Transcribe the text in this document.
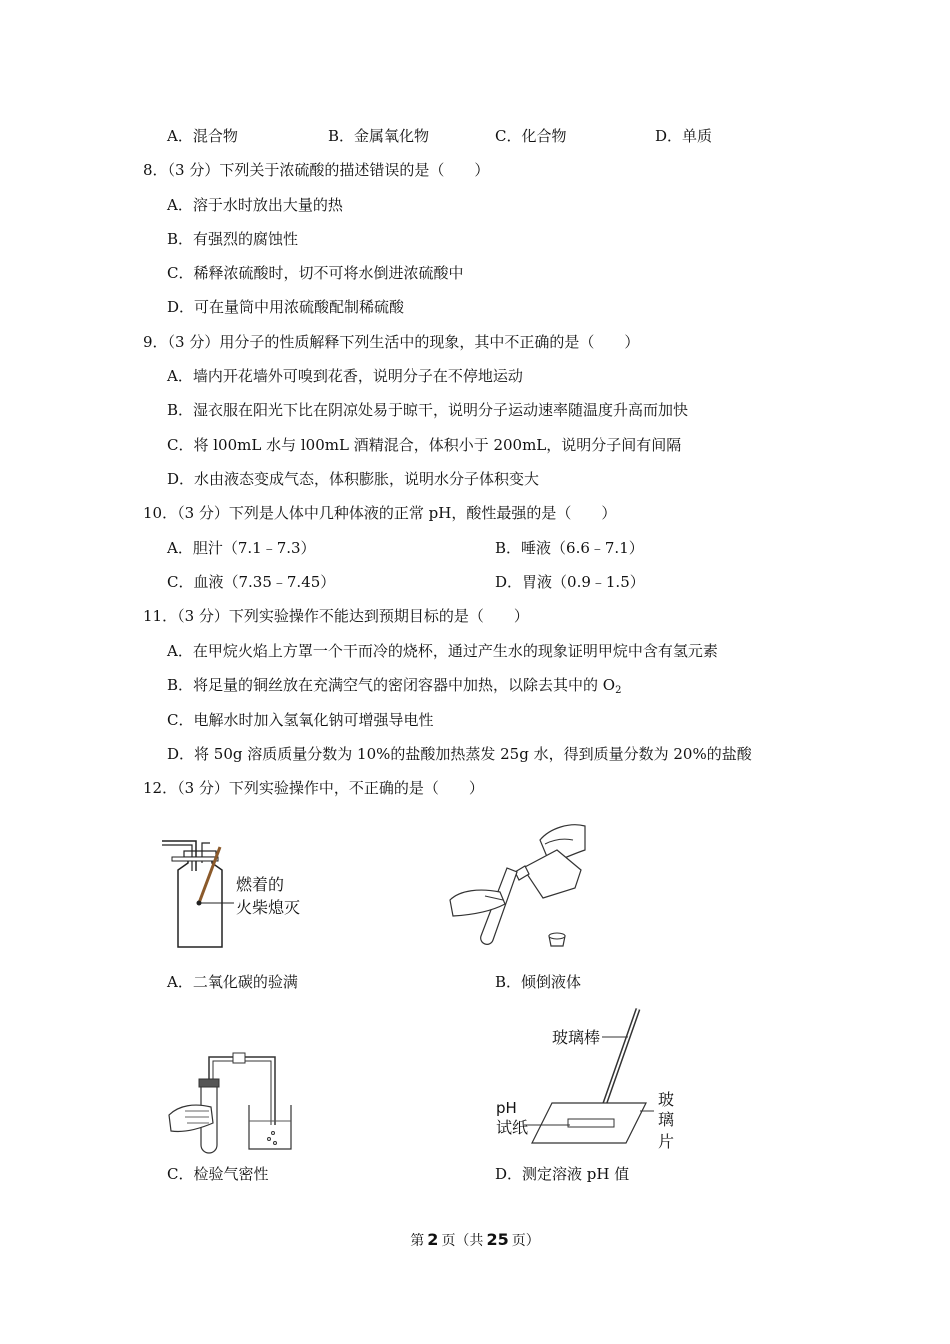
A．混合物	B．金属氧化物	C．化合物	D．单质
8．（3 分）下列关于浓硫酸的描述错误的是（　　）
A．溶于水时放出大量的热
B．有强烈的腐蚀性
C．稀释浓硫酸时，切不可将水倒进浓硫酸中
D．可在量筒中用浓硫酸配制稀硫酸
9．（3 分）用分子的性质解释下列生活中的现象，其中不正确的是（　　）
A．墙内开花墙外可嗅到花香，说明分子在不停地运动
B．湿衣服在阳光下比在阴凉处易于晾干，说明分子运动速率随温度升高而加快
C．将 l00mL 水与 l00mL 酒精混合，体积小于 200mL，说明分子间有间隔
D．水由液态变成气态，体积膨胀，说明水分子体积变大
10．（3 分）下列是人体中几种体液的正常 pH，酸性最强的是（　　）
A．胆汁（7.1﹣7.3）	B．唾液（6.6﹣7.1）
C．血液（7.35﹣7.45）	D．胃液（0.9﹣1.5）
11．（3 分）下列实验操作不能达到预期目标的是（　　）
A．在甲烷火焰上方罩一个干而冷的烧杯，通过产生水的现象证明甲烷中含有氢元素
B．将足量的铜丝放在充满空气的密闭容器中加热，以除去其中的 $O_2$
C．电解水时加入氢氧化钠可增强导电性
D．将 50g 溶质质量分数为 10%的盐酸加热蒸发 25g 水，得到质量分数为 20%的盐酸
12．（3 分）下列实验操作中，不正确的是（　　）
燃着的
火柴熄灭
A．二氧化碳的验满	B．倾倒液体
C．检验气密性
玻璃棒
pH
试纸
玻
璃
片
D．测定溶液 pH 值
第 2 页（共 25 页）
